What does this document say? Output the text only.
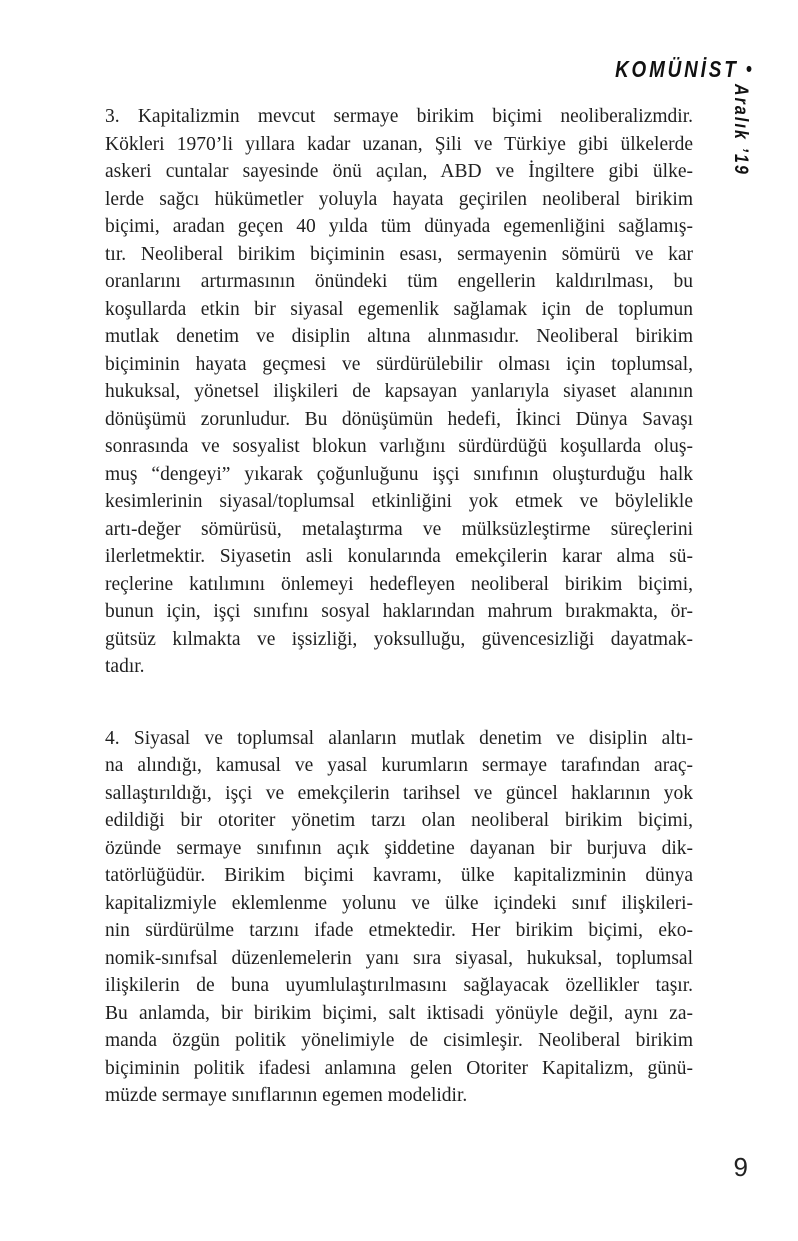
KOMÜNİST •
Aralık ’19
3. Kapitalizmin mevcut sermaye birikim biçimi neoliberalizmdir.
Kökleri 1970’li yıllara kadar uzanan, Şili ve Türkiye gibi ülkelerde
askeri cuntalar sayesinde önü açılan, ABD ve İngiltere gibi ülke-
lerde sağcı hükümetler yoluyla hayata geçirilen neoliberal birikim
biçimi, aradan geçen 40 yılda tüm dünyada egemenliğini sağlamış-
tır. Neoliberal birikim biçiminin esası, sermayenin sömürü ve kar
oranlarını artırmasının önündeki tüm engellerin kaldırılması, bu
koşullarda etkin bir siyasal egemenlik sağlamak için de toplumun
mutlak denetim ve disiplin altına alınmasıdır. Neoliberal birikim
biçiminin hayata geçmesi ve sürdürülebilir olması için toplumsal,
hukuksal, yönetsel ilişkileri de kapsayan yanlarıyla siyaset alanının
dönüşümü zorunludur. Bu dönüşümün hedefi, İkinci Dünya Savaşı
sonrasında ve sosyalist blokun varlığını sürdürdüğü koşullarda oluş-
muş “dengeyi” yıkarak çoğunluğunu işçi sınıfının oluşturduğu halk
kesimlerinin siyasal/toplumsal etkinliğini yok etmek ve böylelikle
artı-değer sömürüsü, metalaştırma ve mülksüzleştirme süreçlerini
ilerletmektir. Siyasetin asli konularında emekçilerin karar alma sü-
reçlerine katılımını önlemeyi hedefleyen neoliberal birikim biçimi,
bunun için, işçi sınıfını sosyal haklarından mahrum bırakmakta, ör-
gütsüz kılmakta ve işsizliği, yoksulluğu, güvencesizliği dayatmak-
tadır.
4. Siyasal ve toplumsal alanların mutlak denetim ve disiplin altı-
na alındığı, kamusal ve yasal kurumların sermaye tarafından araç-
sallaştırıldığı, işçi ve emekçilerin tarihsel ve güncel haklarının yok
edildiği bir otoriter yönetim tarzı olan neoliberal birikim biçimi,
özünde sermaye sınıfının açık şiddetine dayanan bir burjuva dik-
tatörlüğüdür. Birikim biçimi kavramı, ülke kapitalizminin dünya
kapitalizmiyle eklemlenme yolunu ve ülke içindeki sınıf ilişkileri-
nin sürdürülme tarzını ifade etmektedir. Her birikim biçimi, eko-
nomik-sınıfsal düzenlemelerin yanı sıra siyasal, hukuksal, toplumsal
ilişkilerin de buna uyumlulaştırılmasını sağlayacak özellikler taşır.
Bu anlamda, bir birikim biçimi, salt iktisadi yönüyle değil, aynı za-
manda özgün politik yönelimiyle de cisimleşir. Neoliberal birikim
biçiminin politik ifadesi anlamına gelen Otoriter Kapitalizm, günü-
müzde sermaye sınıflarının egemen modelidir.
9
